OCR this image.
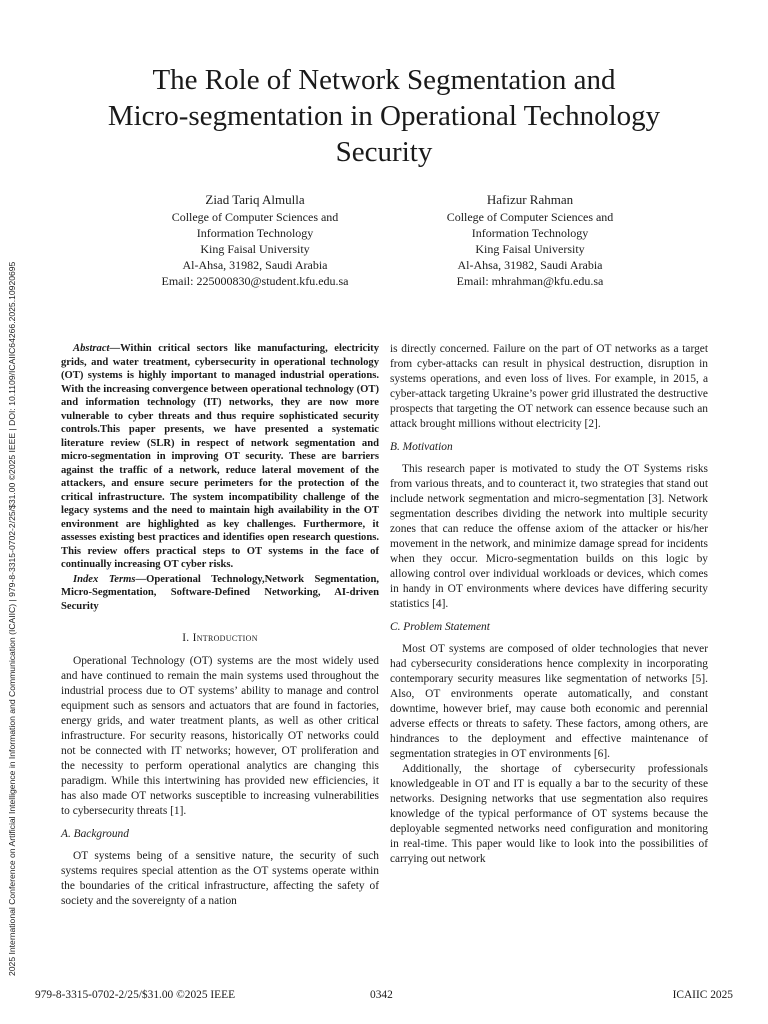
2025 International Conference on Artificial Intelligence in Information and Communication (ICAIIC) | 979-8-3315-0702-2/25/$31.00 ©2025 IEEE | DOI: 10.1109/ICAIIC64266.2025.10920695
The Role of Network Segmentation and
Micro-segmentation in Operational Technology
Security
Ziad Tariq Almulla
College of Computer Sciences and
Information Technology
King Faisal University
Al-Ahsa, 31982, Saudi Arabia
Email: 225000830@student.kfu.edu.sa
Hafizur Rahman
College of Computer Sciences and
Information Technology
King Faisal University
Al-Ahsa, 31982, Saudi Arabia
Email: mhrahman@kfu.edu.sa

Abstract—Within critical sectors like manufacturing, electricity grids, and water treatment, cybersecurity in operational technology (OT) systems is highly important to managed industrial operations. With the increasing convergence between operational technology (OT) and information technology (IT) networks, they are now more vulnerable to cyber threats and thus require sophisticated security controls.This paper presents, we have presented a systematic literature review (SLR) in respect of network segmentation and micro-segmentation in improving OT security. These are barriers against the traffic of a network, reduce lateral movement of the attackers, and ensure secure perimeters for the protection of the critical infrastructure. The system incompatibility challenge of the legacy systems and the need to maintain high availability in the OT environment are highlighted as key challenges. Furthermore, it assesses existing best practices and identifies open research questions. This review offers practical steps to OT systems in the face of continually increasing OT cyber risks.

Index Terms—Operational Technology,Network Segmentation, Micro-Segmentation, Software-Defined Networking, AI-driven Security

I. Introduction

Operational Technology (OT) systems are the most widely used and have continued to remain the main systems used throughout the industrial process due to OT systems’ ability to manage and control equipment such as sensors and actuators that are found in factories, energy grids, and water treatment plants, as well as other critical infrastructure. For security reasons, historically OT networks could not be connected with IT networks; however, OT proliferation and the necessity to perform operational analytics are changing this paradigm. While this intertwining has provided new efficiencies, it has also made OT networks susceptible to increasing vulnerabilities to cybersecurity threats [1].

A. Background

OT systems being of a sensitive nature, the security of such systems requires special attention as the OT systems operate within the boundaries of the critical infrastructure, affecting the safety of society and the sovereignty of a nation

is directly concerned. Failure on the part of OT networks as a target from cyber-attacks can result in physical destruction, disruption in systems operations, and even loss of lives. For example, in 2015, a cyber-attack targeting Ukraine’s power grid illustrated the destructive prospects that targeting the OT network can essence because such an attack brought millions without electricity [2].

B. Motivation

This research paper is motivated to study the OT Systems risks from various threats, and to counteract it, two strategies that stand out include network segmentation and micro-segmentation [3]. Network segmentation describes dividing the network into multiple security zones that can reduce the offense axiom of the attacker or his/her movement in the network, and minimize damage spread for incidents when they occur. Micro-segmentation builds on this logic by allowing control over individual workloads or devices, which comes in handy in OT environments where devices have differing security statistics [4].

C. Problem Statement

Most OT systems are composed of older technologies that never had cybersecurity considerations hence complexity in incorporating contemporary security measures like segmentation of networks [5]. Also, OT environments operate automatically, and constant downtime, however brief, may cause both economic and perennial adverse effects or threats to safety. These factors, among others, are hindrances to the deployment and effective maintenance of segmentation strategies in OT environments [6].

Additionally, the shortage of cybersecurity professionals knowledgeable in OT and IT is equally a bar to the security of these networks. Designing networks that use segmentation also requires knowledge of the typical performance of OT systems because the deployable segmented networks need configuration and monitoring in real-time. This paper would like to look into the possibilities of carrying out network

979-8-3315-0702-2/25/$31.00 ©2025 IEEE	0342	ICAIIC 2025
